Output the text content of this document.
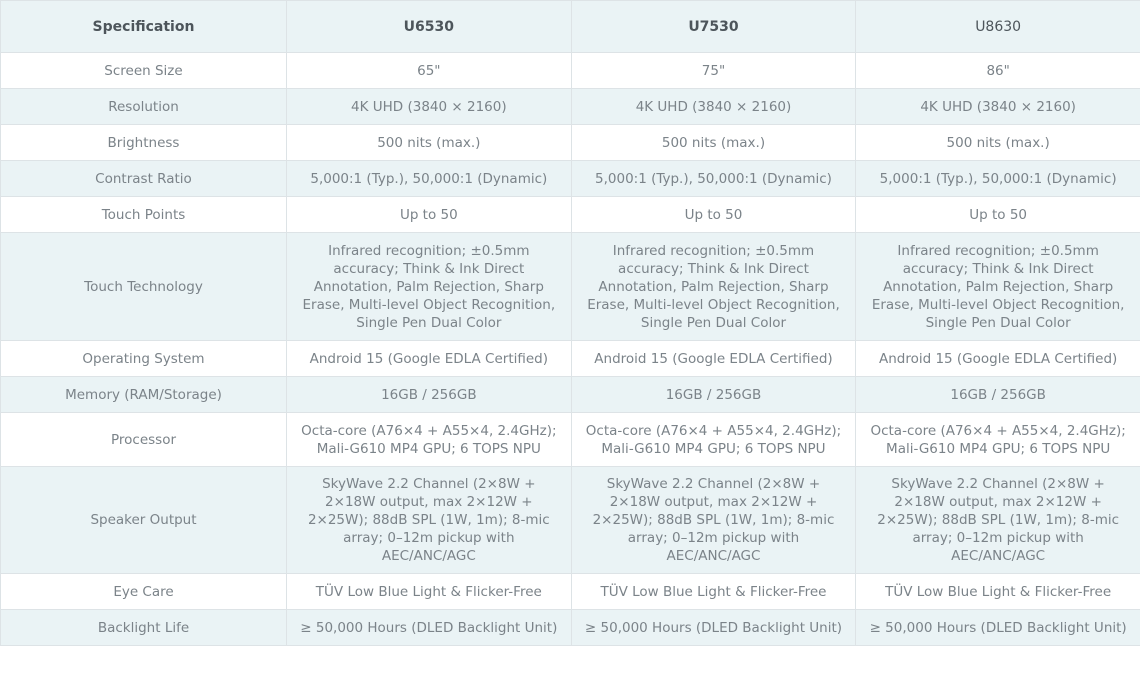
Specification	U6530	U7530	U8630
Screen Size	65"	75"	86"
Resolution	4K UHD (3840 × 2160)	4K UHD (3840 × 2160)	4K UHD (3840 × 2160)
Brightness	500 nits (max.)	500 nits (max.)	500 nits (max.)
Contrast Ratio	5,000:1 (Typ.), 50,000:1 (Dynamic)	5,000:1 (Typ.), 50,000:1 (Dynamic)	5,000:1 (Typ.), 50,000:1 (Dynamic)
Touch Points	Up to 50	Up to 50	Up to 50
Touch Technology	Infrared recognition; ±0.5mm accuracy; Think & Ink Direct Annotation, Palm Rejection, Sharp Erase, Multi-level Object Recognition, Single Pen Dual Color	Infrared recognition; ±0.5mm accuracy; Think & Ink Direct Annotation, Palm Rejection, Sharp Erase, Multi-level Object Recognition, Single Pen Dual Color	Infrared recognition; ±0.5mm accuracy; Think & Ink Direct Annotation, Palm Rejection, Sharp Erase, Multi-level Object Recognition, Single Pen Dual Color
Operating System	Android 15 (Google EDLA Certified)	Android 15 (Google EDLA Certified)	Android 15 (Google EDLA Certified)
Memory (RAM/Storage)	16GB / 256GB	16GB / 256GB	16GB / 256GB
Processor	Octa-core (A76×4 + A55×4, 2.4GHz); Mali-G610 MP4 GPU; 6 TOPS NPU	Octa-core (A76×4 + A55×4, 2.4GHz); Mali-G610 MP4 GPU; 6 TOPS NPU	Octa-core (A76×4 + A55×4, 2.4GHz); Mali-G610 MP4 GPU; 6 TOPS NPU
Speaker Output	SkyWave 2.2 Channel (2×8W + 2×18W output, max 2×12W + 2×25W); 88dB SPL (1W, 1m); 8-mic array; 0–12m pickup with AEC/ANC/AGC	SkyWave 2.2 Channel (2×8W + 2×18W output, max 2×12W + 2×25W); 88dB SPL (1W, 1m); 8-mic array; 0–12m pickup with AEC/ANC/AGC	SkyWave 2.2 Channel (2×8W + 2×18W output, max 2×12W + 2×25W); 88dB SPL (1W, 1m); 8-mic array; 0–12m pickup with AEC/ANC/AGC
Eye Care	TÜV Low Blue Light & Flicker-Free	TÜV Low Blue Light & Flicker-Free	TÜV Low Blue Light & Flicker-Free
Backlight Life	≥ 50,000 Hours (DLED Backlight Unit)	≥ 50,000 Hours (DLED Backlight Unit)	≥ 50,000 Hours (DLED Backlight Unit)
